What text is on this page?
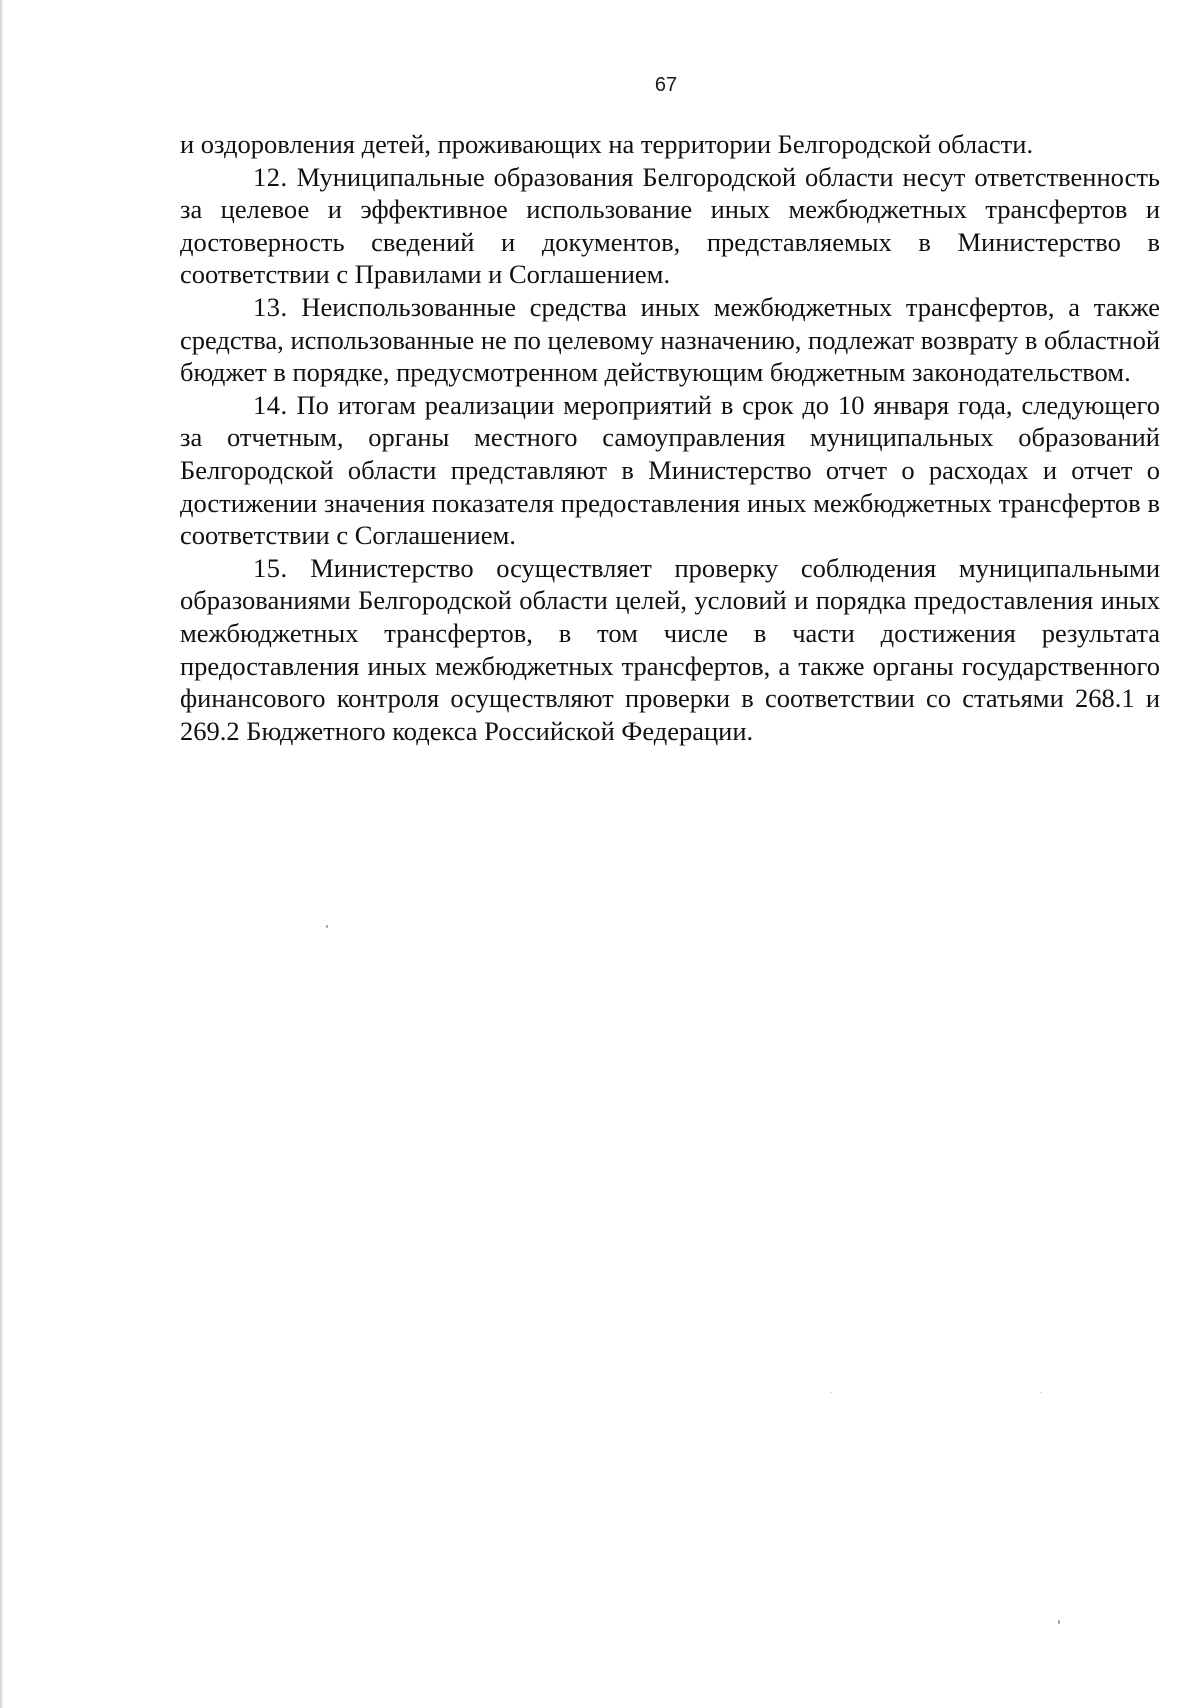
67

и оздоровления детей, проживающих на территории Белгородской области.

12. Муниципальные образования Белгородской области несут ответственность за целевое и эффективное использование иных межбюджетных трансфертов и достоверность сведений и документов, представляемых в Министерство в соответствии с Правилами и Соглашением.

13. Неиспользованные средства иных межбюджетных трансфертов, а также средства, использованные не по целевому назначению, подлежат возврату в областной бюджет в порядке, предусмотренном действующим бюджетным законодательством.

14. По итогам реализации мероприятий в срок до 10 января года, следующего за отчетным, органы местного самоуправления муниципальных образований Белгородской области представляют в Министерство отчет о расходах и отчет о достижении значения показателя предоставления иных межбюджетных трансфертов в соответствии с Соглашением.

15. Министерство осуществляет проверку соблюдения муниципальными образованиями Белгородской области целей, условий и порядка предоставления иных межбюджетных трансфертов, в том числе в части достижения результата предоставления иных межбюджетных трансфертов, а также органы государственного финансового контроля осуществляют проверки в соответствии со статьями 268.1 и 269.2 Бюджетного кодекса Российской Федерации.
